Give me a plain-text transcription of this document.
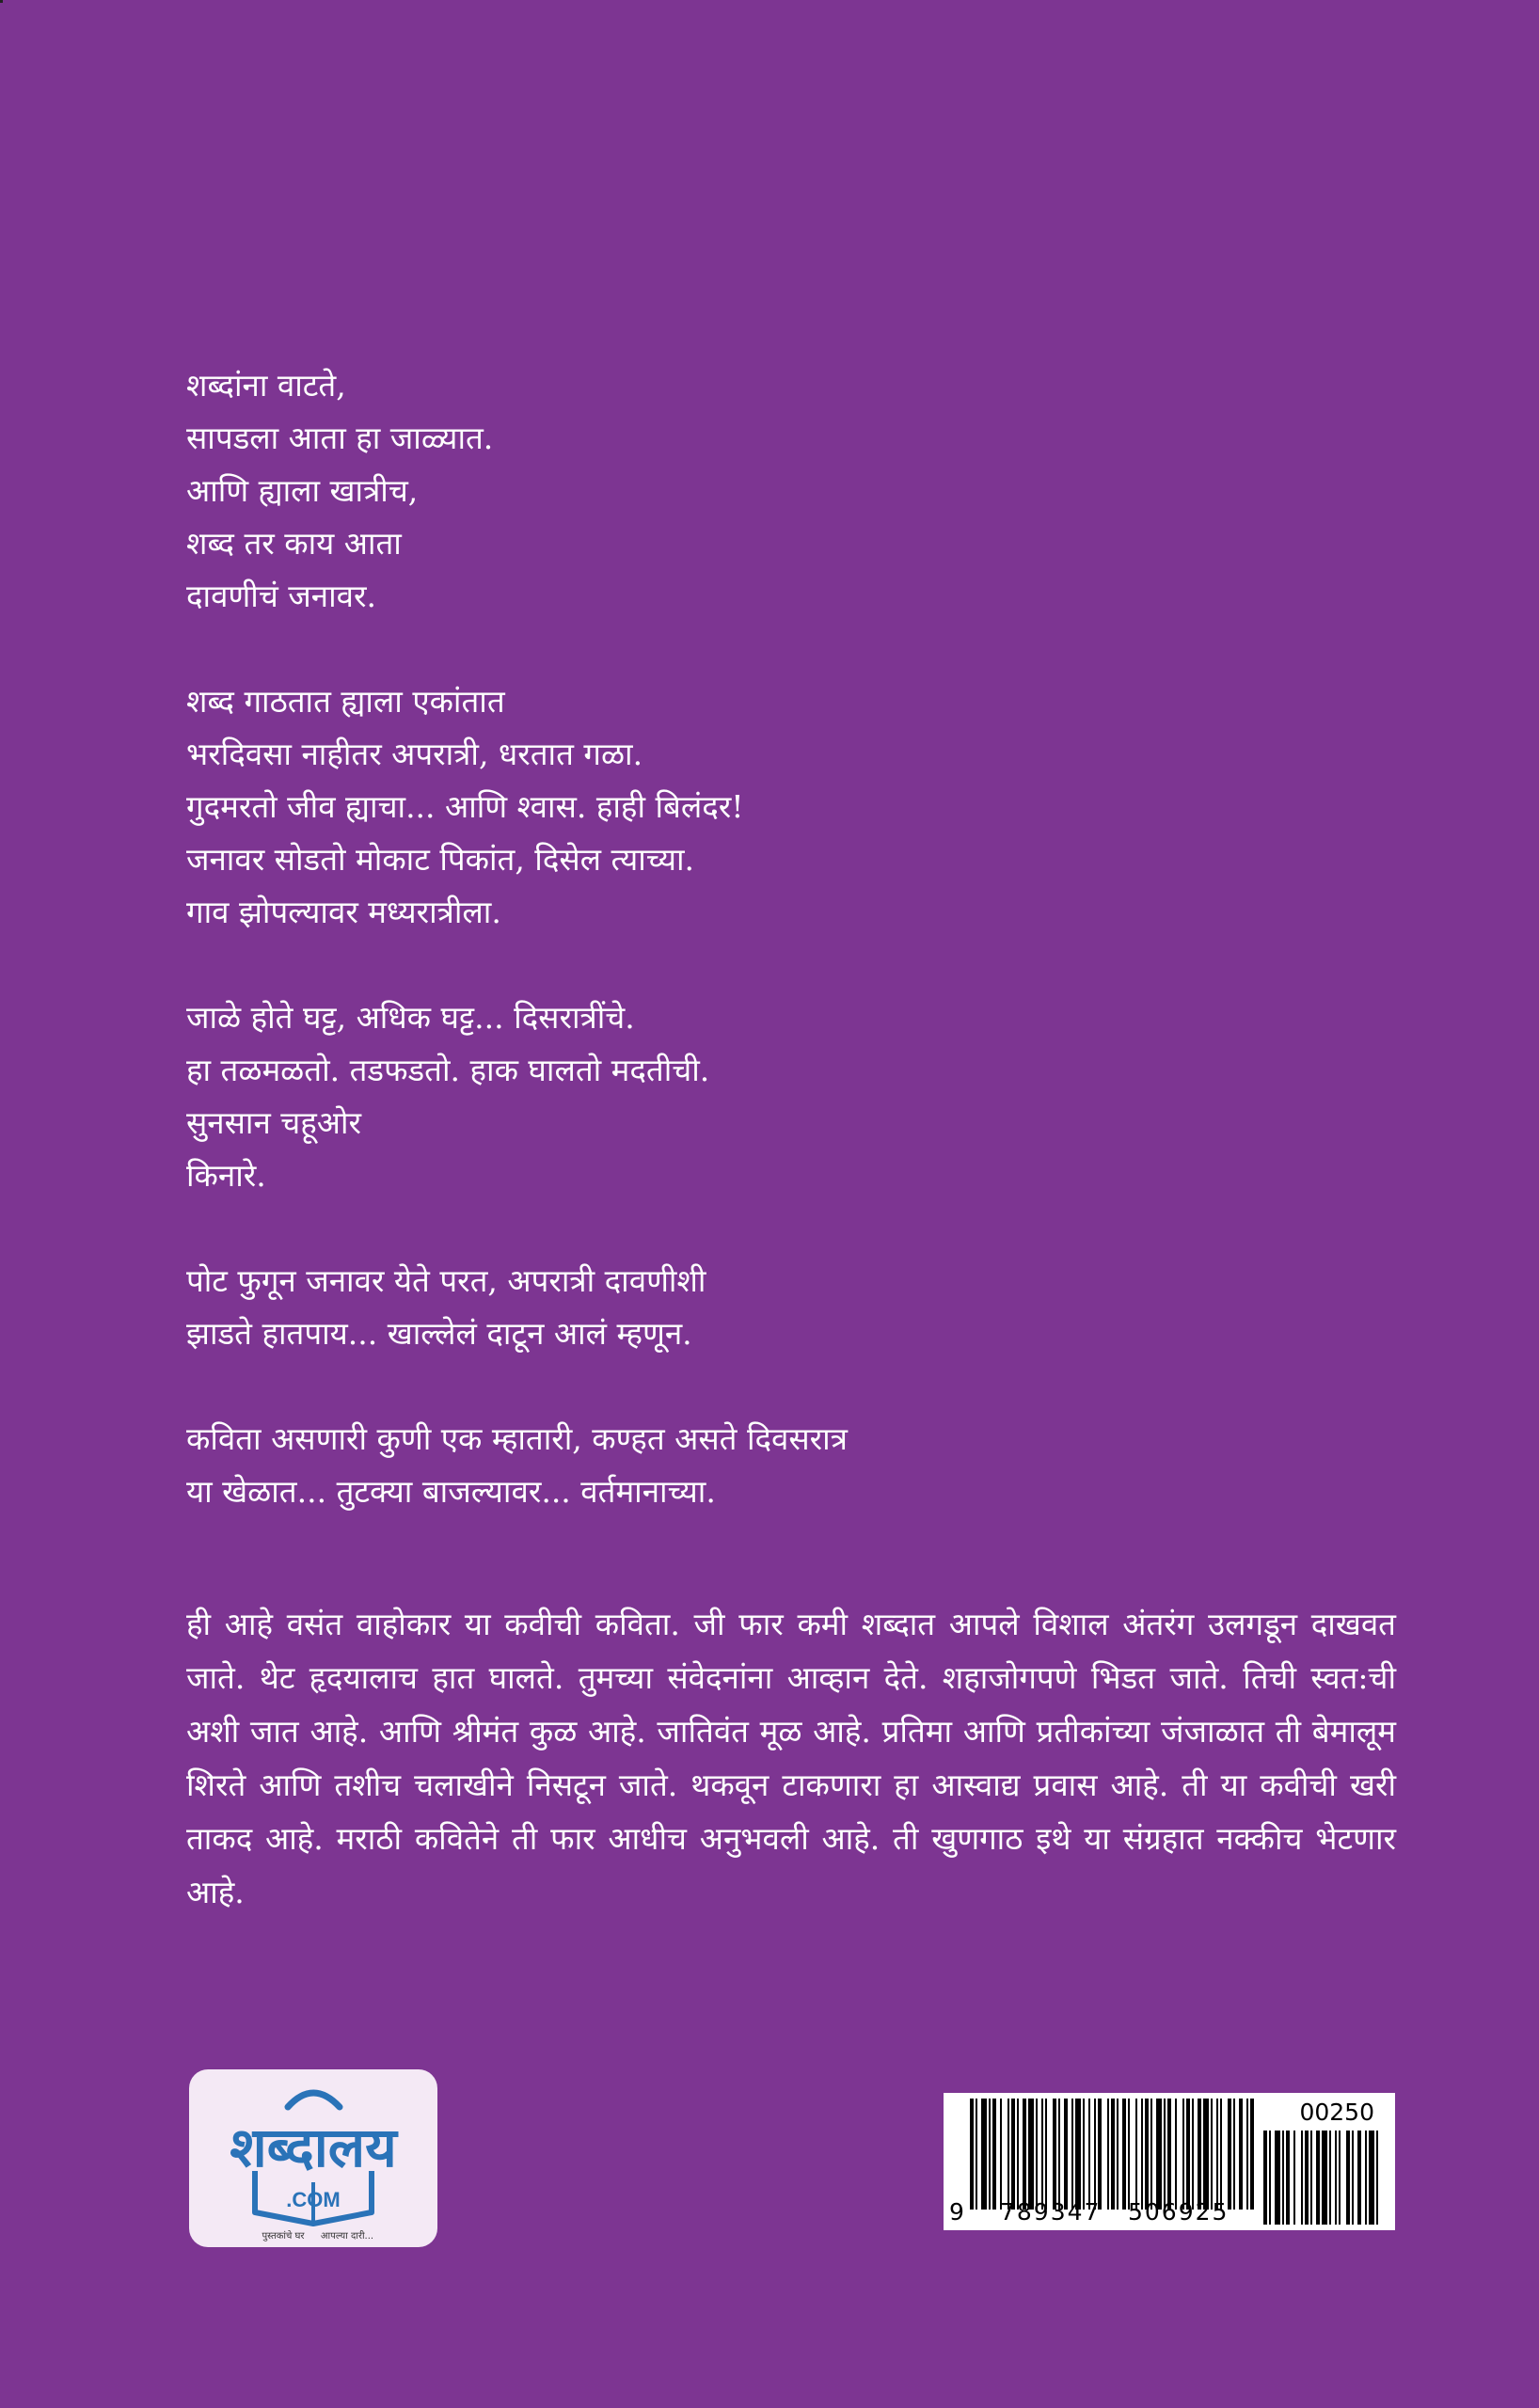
शब्दांना वाटते,
सापडला आता हा जाळ्यात.
आणि ह्याला खात्रीच,
शब्द तर काय आता
दावणीचं जनावर.
शब्द गाठतात ह्याला एकांतात
भरदिवसा नाहीतर अपरात्री, धरतात गळा.
गुदमरतो जीव ह्याचा... आणि श्वास. हाही बिलंदर!
जनावर सोडतो मोकाट पिकांत, दिसेल त्याच्या.
गाव झोपल्यावर मध्यरात्रीला.
जाळे होते घट्ट, अधिक घट्ट... दिसरात्रींचे.
हा तळमळतो. तडफडतो. हाक घालतो मदतीची.
सुनसान चहूओर
किनारे.
पोट फुगून जनावर येते परत, अपरात्री दावणीशी
झाडते हातपाय... खाल्लेलं दाटून आलं म्हणून.
कविता असणारी कुणी एक म्हातारी, कण्हत असते दिवसरात्र
या खेळात... तुटक्या बाजल्यावर... वर्तमानाच्या.

ही आहे वसंत वाहोकार या कवीची कविता. जी फार कमी शब्दात आपले विशाल अंतरंग उलगडून दाखवत जाते. थेट हृदयालाच हात घालते. तुमच्या संवेदनांना आव्हान देते. शहाजोगपणे भिडत जाते. तिची स्वत:ची अशी जात आहे. आणि श्रीमंत कुळ आहे. जातिवंत मूळ आहे. प्रतिमा आणि प्रतीकांच्या जंजाळात ती बेमालूम शिरते आणि तशीच चलाखीने निसटून जाते. थकवून टाकणारा हा आस्वाद्य प्रवास आहे. ती या कवीची खरी ताकद आहे. मराठी कवितेने ती फार आधीच अनुभवली आहे. ती खुणगाठ इथे या संग्रहात नक्कीच भेटणार आहे.

शब्दालय
.COM
पुस्तकांचे घर आपल्या दारी...
00250
9 789347 506925
